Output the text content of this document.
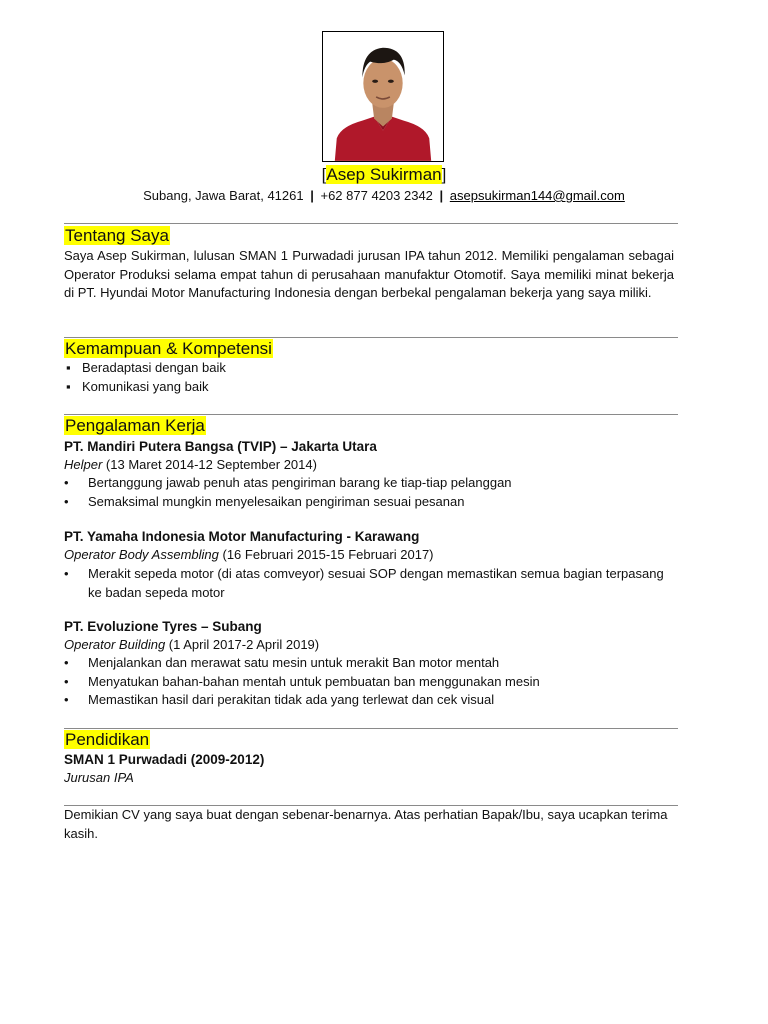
[Asep Sukirman]
Subang, Jawa Barat, 41261 | +62 877 4203 2342 | asepsukirman144@gmail.com
Tentang Saya
Saya Asep Sukirman, lulusan SMAN 1 Purwadadi jurusan IPA tahun 2012. Memiliki pengalaman sebagai Operator Produksi selama empat tahun di perusahaan manufaktur Otomotif. Saya memiliki minat bekerja di PT. Hyundai Motor Manufacturing Indonesia dengan berbekal pengalaman bekerja yang saya miliki.
Kemampuan & Kompetensi
▪ Beradaptasi dengan baik
▪ Komunikasi yang baik
Pengalaman Kerja
PT. Mandiri Putera Bangsa (TVIP) – Jakarta Utara
Helper (13 Maret 2014-12 September 2014)
• Bertanggung jawab penuh atas pengiriman barang ke tiap-tiap pelanggan
• Semaksimal mungkin menyelesaikan pengiriman sesuai pesanan
PT. Yamaha Indonesia Motor Manufacturing - Karawang
Operator Body Assembling (16 Februari 2015-15 Februari 2017)
• Merakit sepeda motor (di atas comveyor) sesuai SOP dengan memastikan semua bagian terpasang ke badan sepeda motor
PT. Evoluzione Tyres – Subang
Operator Building (1 April 2017-2 April 2019)
• Menjalankan dan merawat satu mesin untuk merakit Ban motor mentah
• Menyatukan bahan-bahan mentah untuk pembuatan ban menggunakan mesin
• Memastikan hasil dari perakitan tidak ada yang terlewat dan cek visual
Pendidikan
SMAN 1 Purwadadi (2009-2012)
Jurusan IPA
Demikian CV yang saya buat dengan sebenar-benarnya. Atas perhatian Bapak/Ibu, saya ucapkan terima kasih.
